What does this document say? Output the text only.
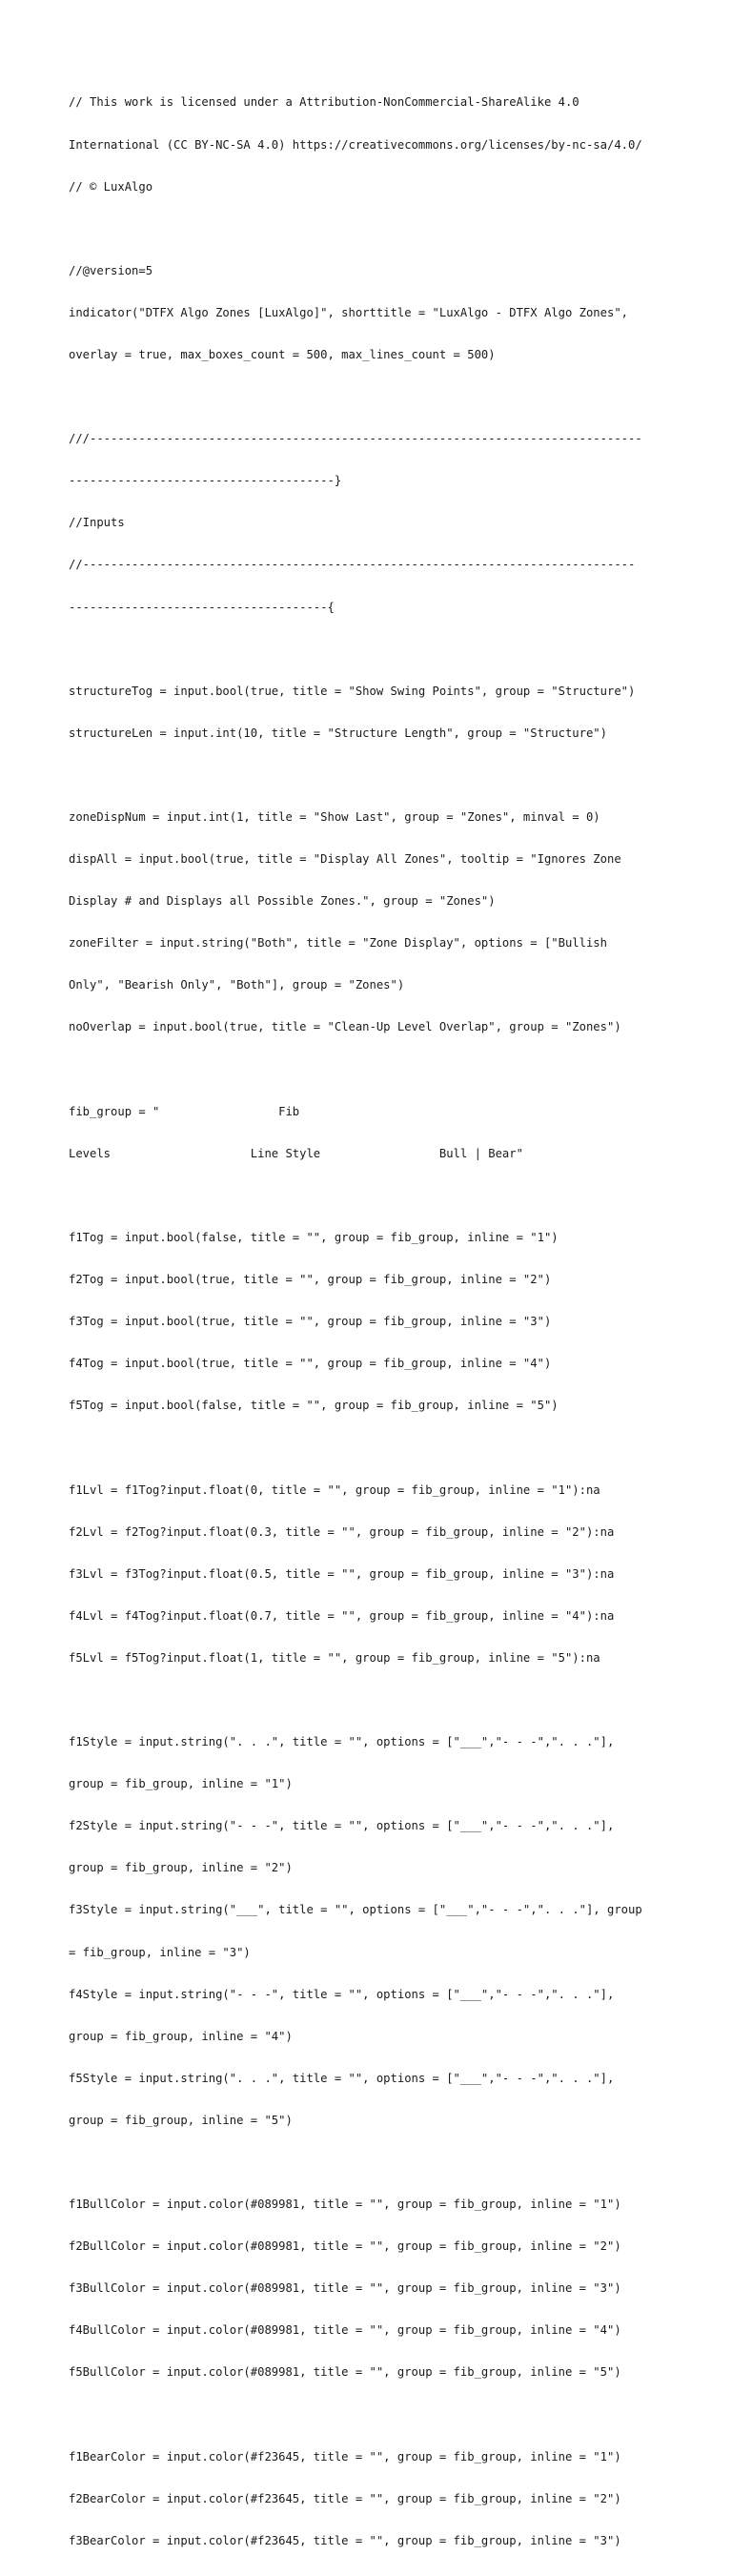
// This work is licensed under a Attribution-NonCommercial-ShareAlike 4.0

International (CC BY-NC-SA 4.0) https://creativecommons.org/licenses/by-nc-sa/4.0/

// © LuxAlgo

//@version=5

indicator("DTFX Algo Zones [LuxAlgo]", shorttitle = "LuxAlgo - DTFX Algo Zones",

overlay = true, max_boxes_count = 500, max_lines_count = 500)

///-------------------------------------------------------------------------------

--------------------------------------}

//Inputs

//-------------------------------------------------------------------------------

-------------------------------------{

structureTog = input.bool(true, title = "Show Swing Points", group = "Structure")

structureLen = input.int(10, title = "Structure Length", group = "Structure")

zoneDispNum = input.int(1, title = "Show Last", group = "Zones", minval = 0)

dispAll = input.bool(true, title = "Display All Zones", tooltip = "Ignores Zone

Display # and Displays all Possible Zones.", group = "Zones")

zoneFilter = input.string("Both", title = "Zone Display", options = ["Bullish

Only", "Bearish Only", "Both"], group = "Zones")

noOverlap = input.bool(true, title = "Clean-Up Level Overlap", group = "Zones")

fib_group = "                 Fib

Levels                    Line Style                 Bull | Bear"

f1Tog = input.bool(false, title = "", group = fib_group, inline = "1")

f2Tog = input.bool(true, title = "", group = fib_group, inline = "2")

f3Tog = input.bool(true, title = "", group = fib_group, inline = "3")

f4Tog = input.bool(true, title = "", group = fib_group, inline = "4")

f5Tog = input.bool(false, title = "", group = fib_group, inline = "5")

f1Lvl = f1Tog?input.float(0, title = "", group = fib_group, inline = "1"):na

f2Lvl = f2Tog?input.float(0.3, title = "", group = fib_group, inline = "2"):na

f3Lvl = f3Tog?input.float(0.5, title = "", group = fib_group, inline = "3"):na

f4Lvl = f4Tog?input.float(0.7, title = "", group = fib_group, inline = "4"):na

f5Lvl = f5Tog?input.float(1, title = "", group = fib_group, inline = "5"):na

f1Style = input.string(". . .", title = "", options = ["___","- - -",". . ."],

group = fib_group, inline = "1")

f2Style = input.string("- - -", title = "", options = ["___","- - -",". . ."],

group = fib_group, inline = "2")

f3Style = input.string("___", title = "", options = ["___","- - -",". . ."], group

= fib_group, inline = "3")

f4Style = input.string("- - -", title = "", options = ["___","- - -",". . ."],

group = fib_group, inline = "4")

f5Style = input.string(". . .", title = "", options = ["___","- - -",". . ."],

group = fib_group, inline = "5")

f1BullColor = input.color(#089981, title = "", group = fib_group, inline = "1")

f2BullColor = input.color(#089981, title = "", group = fib_group, inline = "2")

f3BullColor = input.color(#089981, title = "", group = fib_group, inline = "3")

f4BullColor = input.color(#089981, title = "", group = fib_group, inline = "4")

f5BullColor = input.color(#089981, title = "", group = fib_group, inline = "5")

f1BearColor = input.color(#f23645, title = "", group = fib_group, inline = "1")

f2BearColor = input.color(#f23645, title = "", group = fib_group, inline = "2")

f3BearColor = input.color(#f23645, title = "", group = fib_group, inline = "3")
